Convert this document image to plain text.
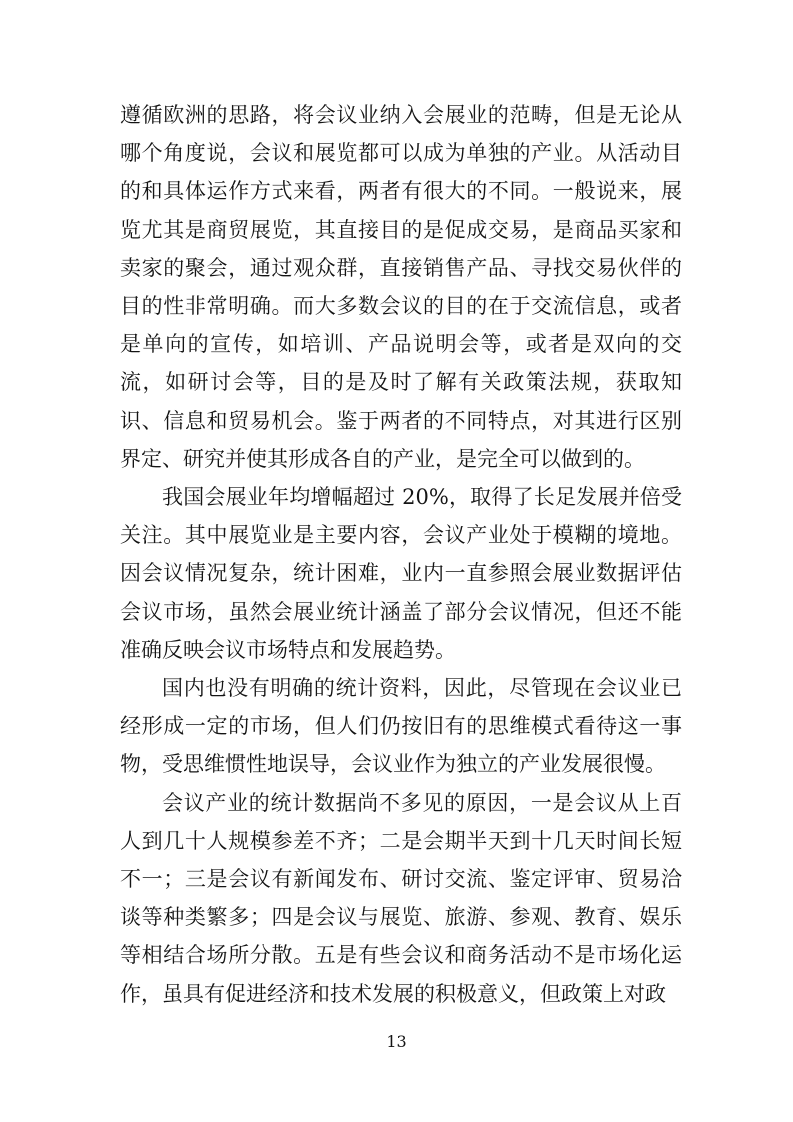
遵循欧洲的思路，将会议业纳入会展业的范畴，但是无论从哪个角度说，会议和展览都可以成为单独的产业。从活动目的和具体运作方式来看，两者有很大的不同。一般说来，展览尤其是商贸展览，其直接目的是促成交易，是商品买家和卖家的聚会，通过观众群，直接销售产品、寻找交易伙伴的目的性非常明确。而大多数会议的目的在于交流信息，或者是单向的宣传，如培训、产品说明会等，或者是双向的交流，如研讨会等，目的是及时了解有关政策法规，获取知识、信息和贸易机会。鉴于两者的不同特点，对其进行区别界定、研究并使其形成各自的产业，是完全可以做到的。

我国会展业年均增幅超过 20%，取得了长足发展并倍受关注。其中展览业是主要内容，会议产业处于模糊的境地。因会议情况复杂，统计困难，业内一直参照会展业数据评估会议市场，虽然会展业统计涵盖了部分会议情况，但还不能准确反映会议市场特点和发展趋势。

国内也没有明确的统计资料，因此，尽管现在会议业已经形成一定的市场，但人们仍按旧有的思维模式看待这一事物，受思维惯性地误导，会议业作为独立的产业发展很慢。

会议产业的统计数据尚不多见的原因，一是会议从上百人到几十人规模参差不齐；二是会期半天到十几天时间长短不一；三是会议有新闻发布、研讨交流、鉴定评审、贸易洽谈等种类繁多；四是会议与展览、旅游、参观、教育、娱乐等相结合场所分散。五是有些会议和商务活动不是市场化运作，虽具有促进经济和技术发展的积极意义，但政策上对政

13
